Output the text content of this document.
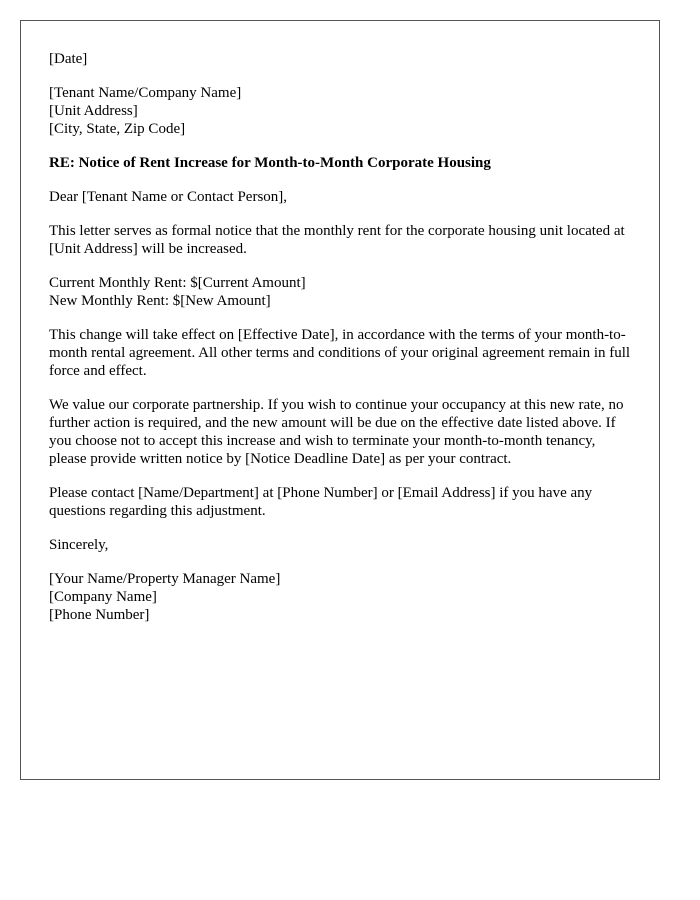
[Date]
[Tenant Name/Company Name]
[Unit Address]
[City, State, Zip Code]
RE: Notice of Rent Increase for Month-to-Month Corporate Housing
Dear [Tenant Name or Contact Person],
This letter serves as formal notice that the monthly rent for the corporate housing unit located at [Unit Address] will be increased.
Current Monthly Rent: $[Current Amount]
New Monthly Rent: $[New Amount]
This change will take effect on [Effective Date], in accordance with the terms of your month-to-month rental agreement. All other terms and conditions of your original agreement remain in full force and effect.
We value our corporate partnership. If you wish to continue your occupancy at this new rate, no further action is required, and the new amount will be due on the effective date listed above. If you choose not to accept this increase and wish to terminate your month-to-month tenancy, please provide written notice by [Notice Deadline Date] as per your contract.
Please contact [Name/Department] at [Phone Number] or [Email Address] if you have any questions regarding this adjustment.
Sincerely,
[Your Name/Property Manager Name]
[Company Name]
[Phone Number]
